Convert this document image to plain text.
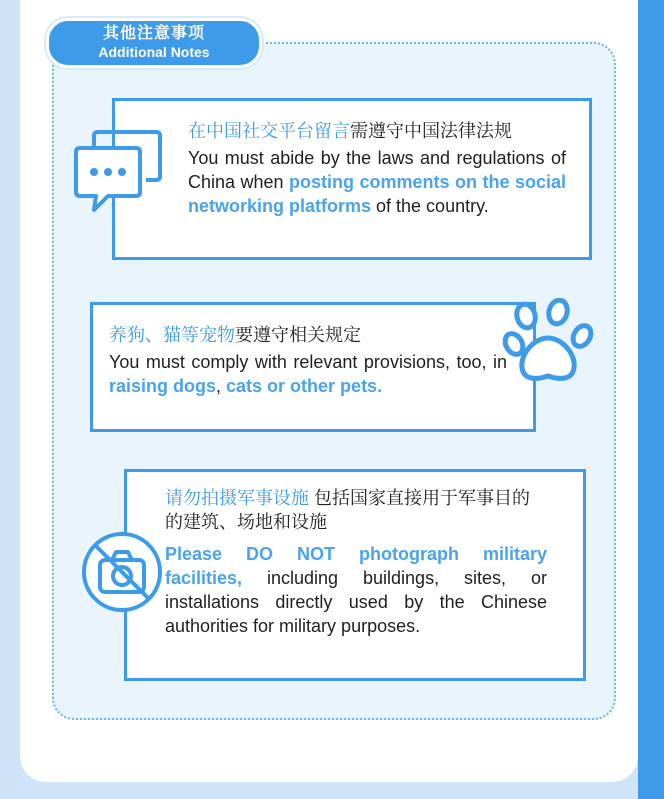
其他注意事项
Additional Notes
在中国社交平台留言需遵守中国法律法规
You must abide by the laws and regulations of China when posting comments on the social networking platforms of the country.
养狗、猫等宠物要遵守相关规定
You must comply with relevant provisions, too, in raising dogs, cats or other pets.
请勿拍摄军事设施 包括国家直接用于军事目的的建筑、场地和设施
Please DO NOT photograph military facilities, including buildings, sites, or installations directly used by the Chinese authorities for military purposes.
